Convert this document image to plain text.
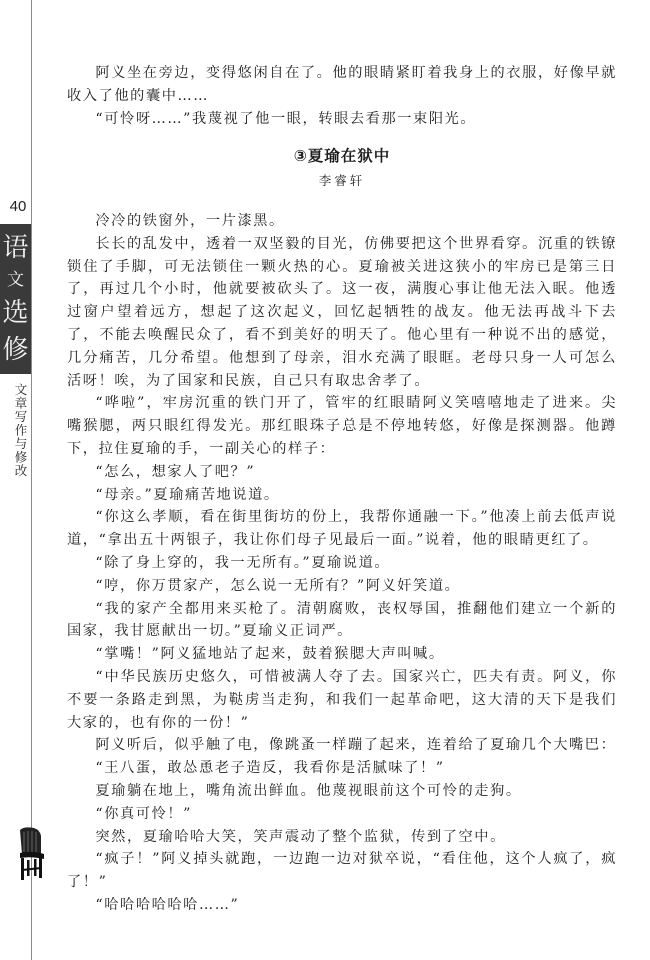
40
语
文
选
修
文章写作与修改

阿义坐在旁边，变得悠闲自在了。他的眼睛紧盯着我身上的衣服，好像早就收入了他的囊中……

“可怜呀……”我蔑视了他一眼，转眼去看那一束阳光。

③夏瑜在狱中
李睿轩

冷冷的铁窗外，一片漆黑。

长长的乱发中，透着一双坚毅的目光，仿佛要把这个世界看穿。沉重的铁镣锁住了手脚，可无法锁住一颗火热的心。夏瑜被关进这狭小的牢房已是第三日了，再过几个小时，他就要被砍头了。这一夜，满腹心事让他无法入眠。他透过窗户望着远方，想起了这次起义，回忆起牺牲的战友。他无法再战斗下去了，不能去唤醒民众了，看不到美好的明天了。他心里有一种说不出的感觉，几分痛苦，几分希望。他想到了母亲，泪水充满了眼眶。老母只身一人可怎么活呀！唉，为了国家和民族，自己只有取忠舍孝了。

“哗啦”，牢房沉重的铁门开了，管牢的红眼睛阿义笑嘻嘻地走了进来。尖嘴猴腮，两只眼红得发光。那红眼珠子总是不停地转悠，好像是探测器。他蹲下，拉住夏瑜的手，一副关心的样子：

“怎么，想家人了吧？”

“母亲。”夏瑜痛苦地说道。

“你这么孝顺，看在街里街坊的份上，我帮你通融一下。”他凑上前去低声说道，“拿出五十两银子，我让你们母子见最后一面。”说着，他的眼睛更红了。

“除了身上穿的，我一无所有。”夏瑜说道。

“哼，你万贯家产，怎么说一无所有？”阿义奸笑道。

“我的家产全都用来买枪了。清朝腐败，丧权辱国，推翻他们建立一个新的国家，我甘愿献出一切。”夏瑜义正词严。

“掌嘴！”阿义猛地站了起来，鼓着猴腮大声叫喊。

“中华民族历史悠久，可惜被满人夺了去。国家兴亡，匹夫有责。阿义，你不要一条路走到黑，为鞑虏当走狗，和我们一起革命吧，这大清的天下是我们大家的，也有你的一份！”

阿义听后，似乎触了电，像跳蚤一样蹦了起来，连着给了夏瑜几个大嘴巴：

“王八蛋，敢怂恿老子造反，我看你是活腻味了！”

夏瑜躺在地上，嘴角流出鲜血。他蔑视眼前这个可怜的走狗。

“你真可怜！”

突然，夏瑜哈哈大笑，笑声震动了整个监狱，传到了空中。

“疯子！”阿义掉头就跑，一边跑一边对狱卒说，“看住他，这个人疯了，疯了！”

“哈哈哈哈哈哈……”
